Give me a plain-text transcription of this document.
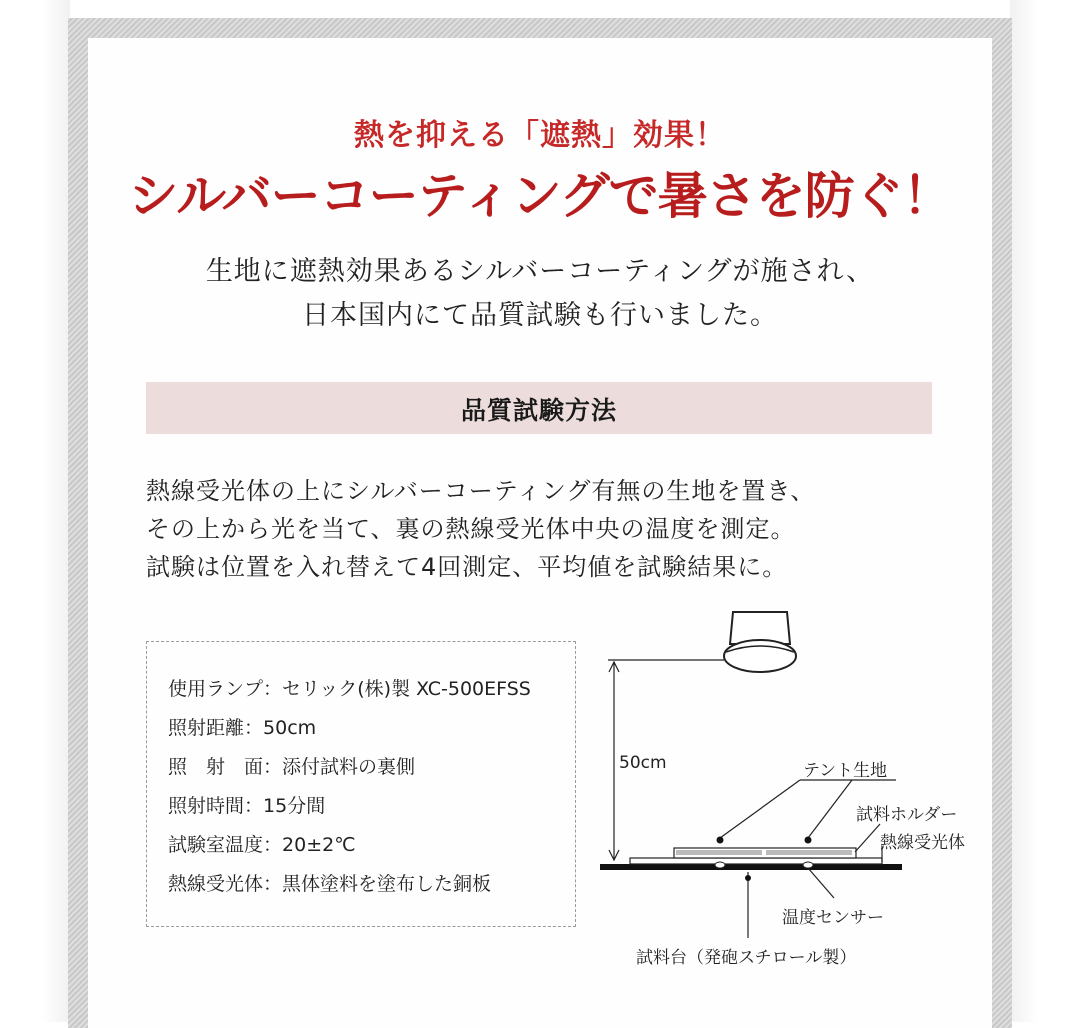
熱を抑える「遮熱」効果！
シルバーコーティングで暑さを防ぐ！
生地に遮熱効果あるシルバーコーティングが施され、
日本国内にて品質試験も行いました。
品質試験方法
熱線受光体の上にシルバーコーティング有無の生地を置き、
その上から光を当て、裏の熱線受光体中央の温度を測定。
試験は位置を入れ替えて4回測定、平均値を試験結果に。
使用ランプ：セリック(株)製 XC-500EFSS
照射距離：50cm
照　射　面：添付試料の裏側
照射時間：15分間
試験室温度：20±2℃
熱線受光体：黒体塗料を塗布した銅板
50cm	テント生地
試料ホルダー
熱線受光体
温度センサー
試料台（発砲スチロール製）
